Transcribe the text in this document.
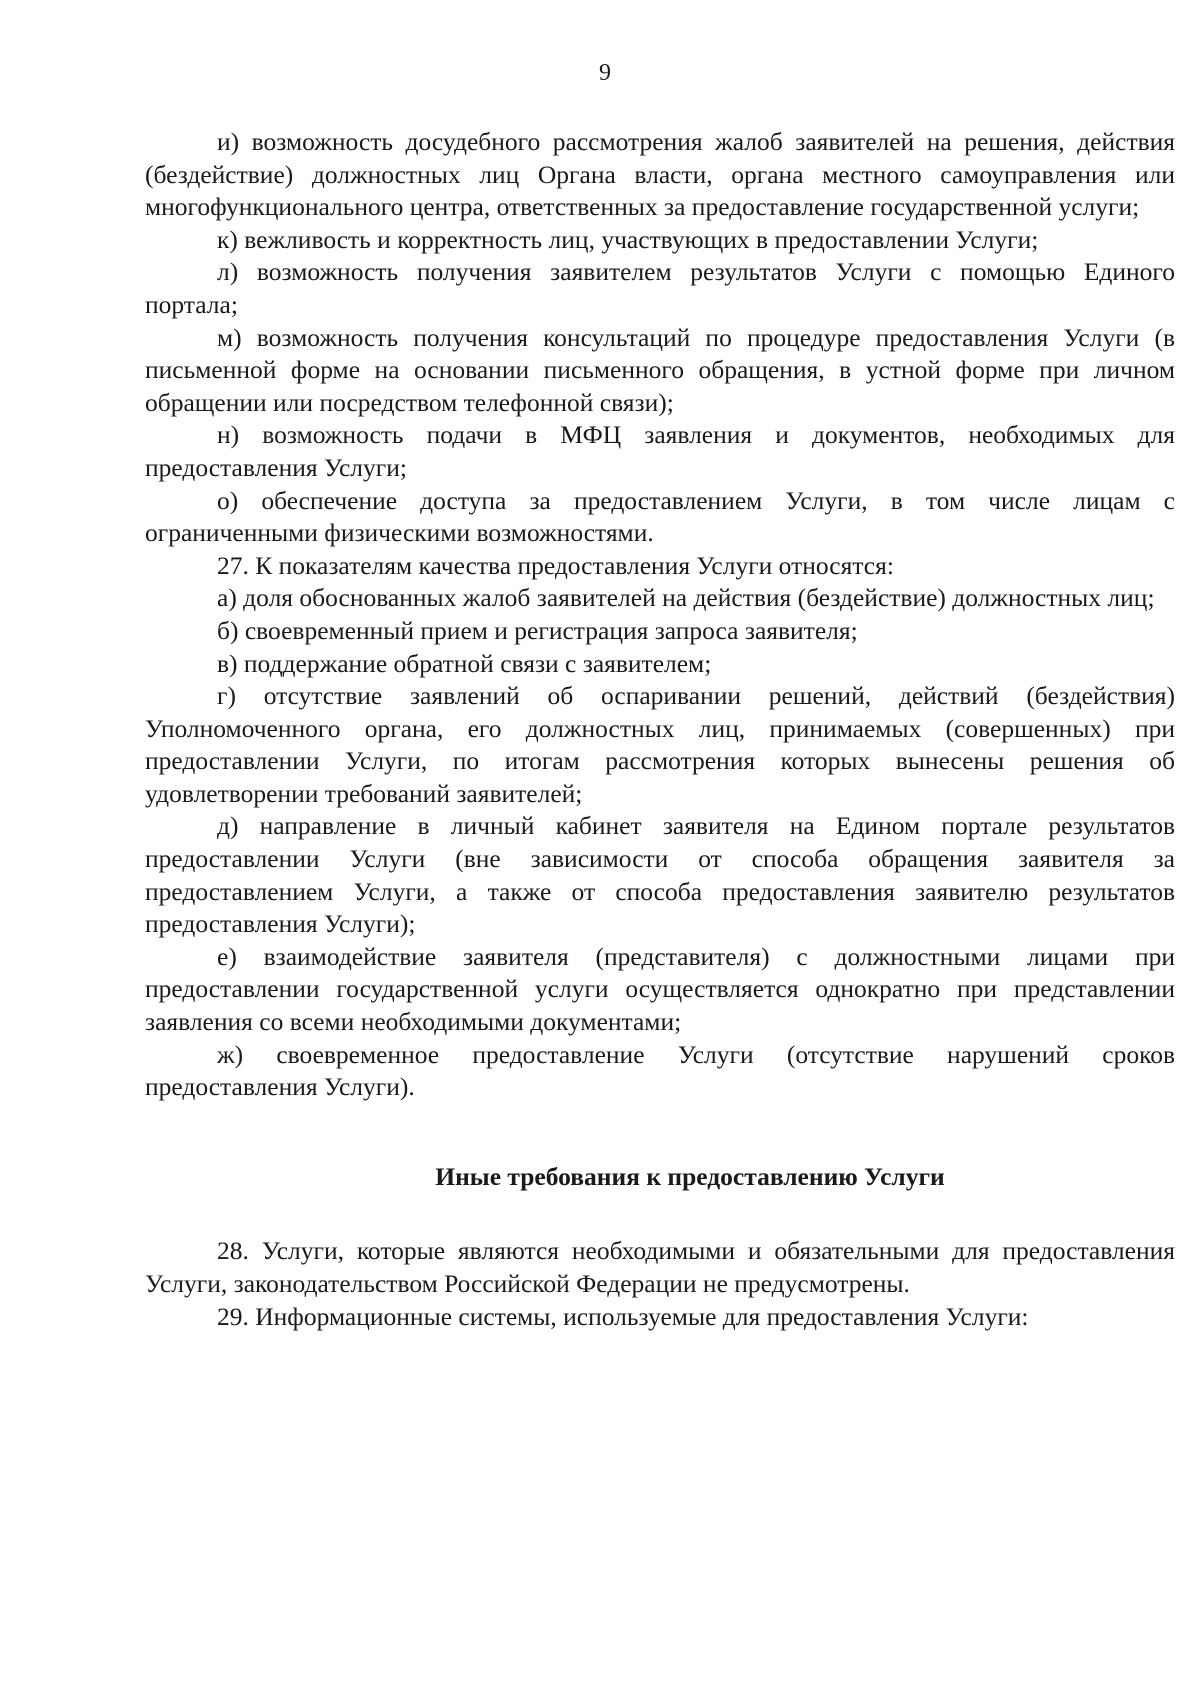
9

и) возможность досудебного рассмотрения жалоб заявителей на решения, действия (бездействие) должностных лиц Органа власти, органа местного самоуправления или многофункционального центра, ответственных за предоставление государственной услуги;

к) вежливость и корректность лиц, участвующих в предоставлении Услуги;

л) возможность получения заявителем результатов Услуги с помощью Единого портала;

м) возможность получения консультаций по процедуре предоставления Услуги (в письменной форме на основании письменного обращения, в устной форме при личном обращении или посредством телефонной связи);

н) возможность подачи в МФЦ заявления и документов, необходимых для предоставления Услуги;

о) обеспечение доступа за предоставлением Услуги, в том числе лицам с ограниченными физическими возможностями.

27. К показателям качества предоставления Услуги относятся:

а) доля обоснованных жалоб заявителей на действия (бездействие) должностных лиц;

б) своевременный прием и регистрация запроса заявителя;

в) поддержание обратной связи с заявителем;

г) отсутствие заявлений об оспаривании решений, действий (бездействия) Уполномоченного органа, его должностных лиц, принимаемых (совершенных) при предоставлении Услуги, по итогам рассмотрения которых вынесены решения об удовлетворении требований заявителей;

д) направление в личный кабинет заявителя на Едином портале результатов предоставлении Услуги (вне зависимости от способа обращения заявителя за предоставлением Услуги, а также от способа предоставления заявителю результатов предоставления Услуги);

е) взаимодействие заявителя (представителя) с должностными лицами при предоставлении государственной услуги осуществляется однократно при представлении заявления со всеми необходимыми документами;

ж) своевременное предоставление Услуги (отсутствие нарушений сроков предоставления Услуги).

Иные требования к предоставлению Услуги

28. Услуги, которые являются необходимыми и обязательными для предоставления Услуги, законодательством Российской Федерации не предусмотрены.

29. Информационные системы, используемые для предоставления Услуги:
